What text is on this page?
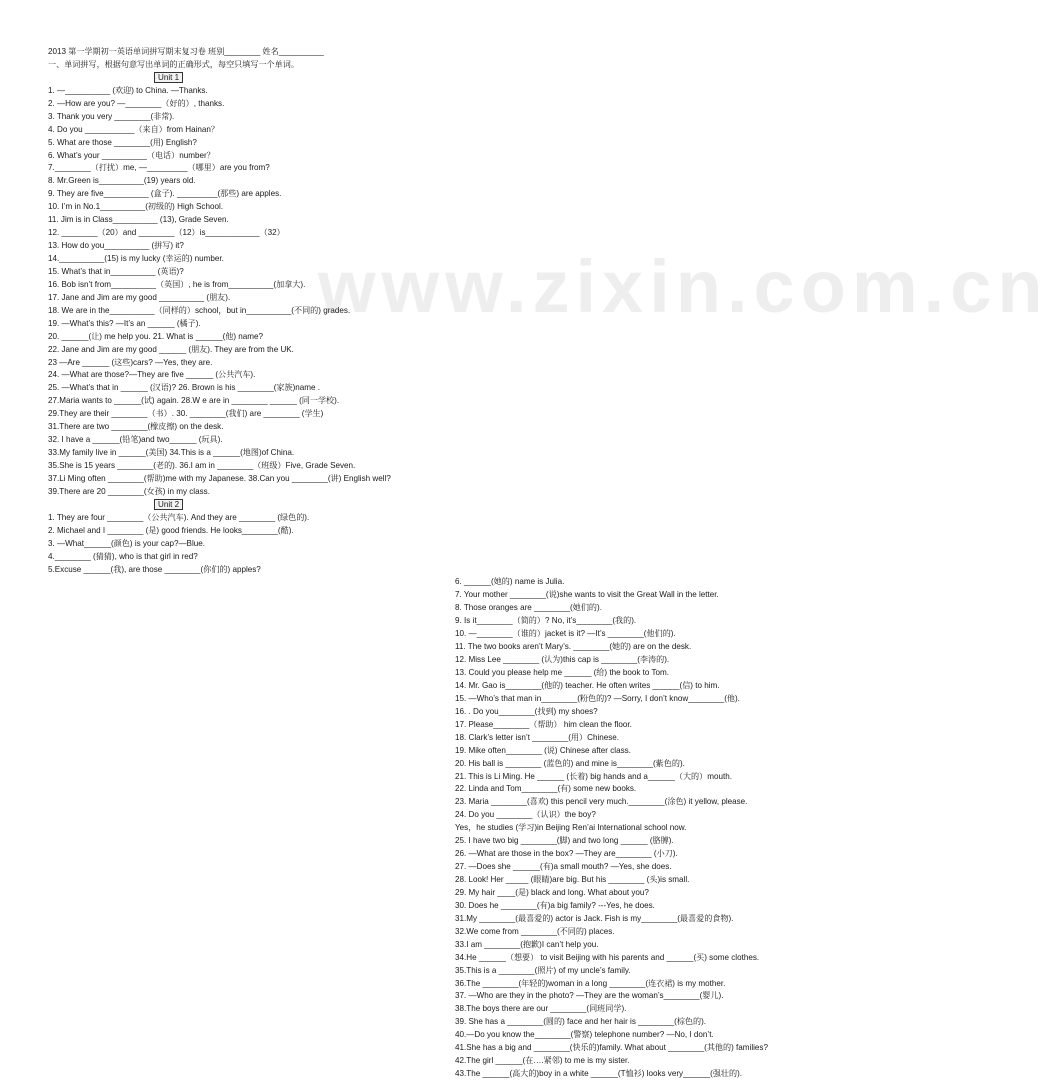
www.zixin.com.cn
2013 第一学期初一英语单词拼写期末复习卷 班别________ 姓名__________
一、单词拼写，根据句意写出单词的正确形式，每空只填写一个单词。
Unit 1
1. —__________ (欢迎) to China. —Thanks.
2. —How are you? —________（好的）, thanks.
3. Thank you very ________(非常).
4. Do you ___________（来自）from Hainan？
5. What are those ________(用) English?
6. What’s your __________（电话）number？
7.________（打扰）me, —_________（哪里）are you from?
8. Mr.Green is__________(19) years old.
9. They are five__________ (盒子). _________(那些) are apples.
10. I’m in No.1__________(初级的) High School.
11. Jim is in Class__________ (13), Grade Seven.
12. ________（20）and ________（12）is____________（32）
13. How do you__________ (拼写) it?
14.__________(15) is my lucky (幸运的) number.
15. What’s that in__________ (英语)?
16. Bob isn’t from__________（英国）, he is from__________(加拿大).
17. Jane and Jim are my good __________ (朋友).
18. We are in the__________（同样的）school，but in__________(不同的) grades.
19. —What’s this? —It’s an ______ (橘子).
20. ______(让) me help you. 21. What is ______(他) name?
22. Jane and Jim are my good ______ (朋友). They are from the UK.
23 —Are ______ (这些)cars? —Yes, they are.
24. —What are those?—They are five ______ (公共汽车).
25. —What’s that in ______ (汉语)? 26. Brown is his ________(家族)name .
27.Maria wants to ______(试) again. 28.W e are in ________ ______ (同一学校).
29.They are their ________（书）. 30. ________(我们) are ________ (学生)
31.There are two ________(橡皮擦) on the desk.
32. I have a ______(铅笔)and two______ (玩具).
33.My family live in ______(美国) 34.This is a ______(地图)of China.
35.She is 15 years ________(老的). 36.I am in ________（班级）Five, Grade Seven.
37.Li Ming often ________(帮助)me with my Japanese. 38.Can you ________(讲) English well?
39.There are 20 ________(女孩) in my class.
Unit 2
1. They are four ________（公共汽车). And they are ________ (绿色的).
2. Michael and I ________ (是) good friends. He looks________(酷).
3. —What______(颜色) is your cap?—Blue.
4.________ (猜猜), who is that girl in red?
5.Excuse ______(我), are those ________(你们的) apples?
6. ______(她的) name is Julia.
7. Your mother ________(说)she wants to visit the Great Wall in the letter.
8. Those oranges are ________(她们的).
9. Is it________（简的）? No, it’s________(我的).
10. —________（谁的）jacket is it? —It’s ________(他们的).
11. The two books aren’t Mary’s. ________(她的) are on the desk.
12. Miss Lee ________ (认为)this cap is ________(李涛的).
13. Could you please help me ______ (给) the book to Tom.
14. Mr. Gao is________(他的) teacher. He often writes ______(信) to him.
15. —Who’s that man in________(粉色的)? —Sorry, I don’t know________(他).
16. . Do you________(找到) my shoes?
17. Please________（帮助） him clean the floor.
18. Clark’s letter isn’t ________(用）Chinese.
19. Mike often________ (说) Chinese after class.
20. His ball is ________ (蓝色的) and mine is________(紫色的).
21. This is Li Ming. He ______ (长着) big hands and a______（大的）mouth.
22. Linda and Tom________(有) some new books.
23. Maria ________(喜欢) this pencil very much.________(涂色) it yellow, please.
24. Do you ________（认识）the boy?
Yes，he studies (学习)in Beijing Ren’ai International school now.
25. I have two big ________(脚) and two long ______ (胳膊).
26. —What are those in the box? —They are________ (小刀).
27. —Does she ______(有)a small mouth? —Yes, she does.
28. Look! Her _____ (眼睛)are big. But his ________ (头)is small.
29. My hair ____(是) black and long. What about you?
30. Does he ________(有)a big family? ---Yes, he does.
31.My ________(最喜爱的) actor is Jack. Fish is my________(最喜爱的食物).
32.We come from ________(不同的) places.
33.I am ________(抱歉)I can’t help you.
34.He ______（想要） to visit Beijing with his parents and ______(买) some clothes.
35.This is a ________(照片) of my uncle’s family.
36.The ________(年轻的)woman in a long ________(连衣裙) is my mother.
37. —Who are they in the photo? —They are the woman’s________(婴儿).
38.The boys there are our ________(同班同学).
39. She has a ________(圆的) face and her hair is ________(棕色的).
40.—Do you know the________(警察) telephone number? —No, I don’t.
41.She has a big and ________(快乐的)family. What about ________(其他的) families?
42.The girl ______(在….紧邻) to me is my sister.
43.The ______(高大的)boy in a white ______(T恤衫) looks very______(强壮的).
